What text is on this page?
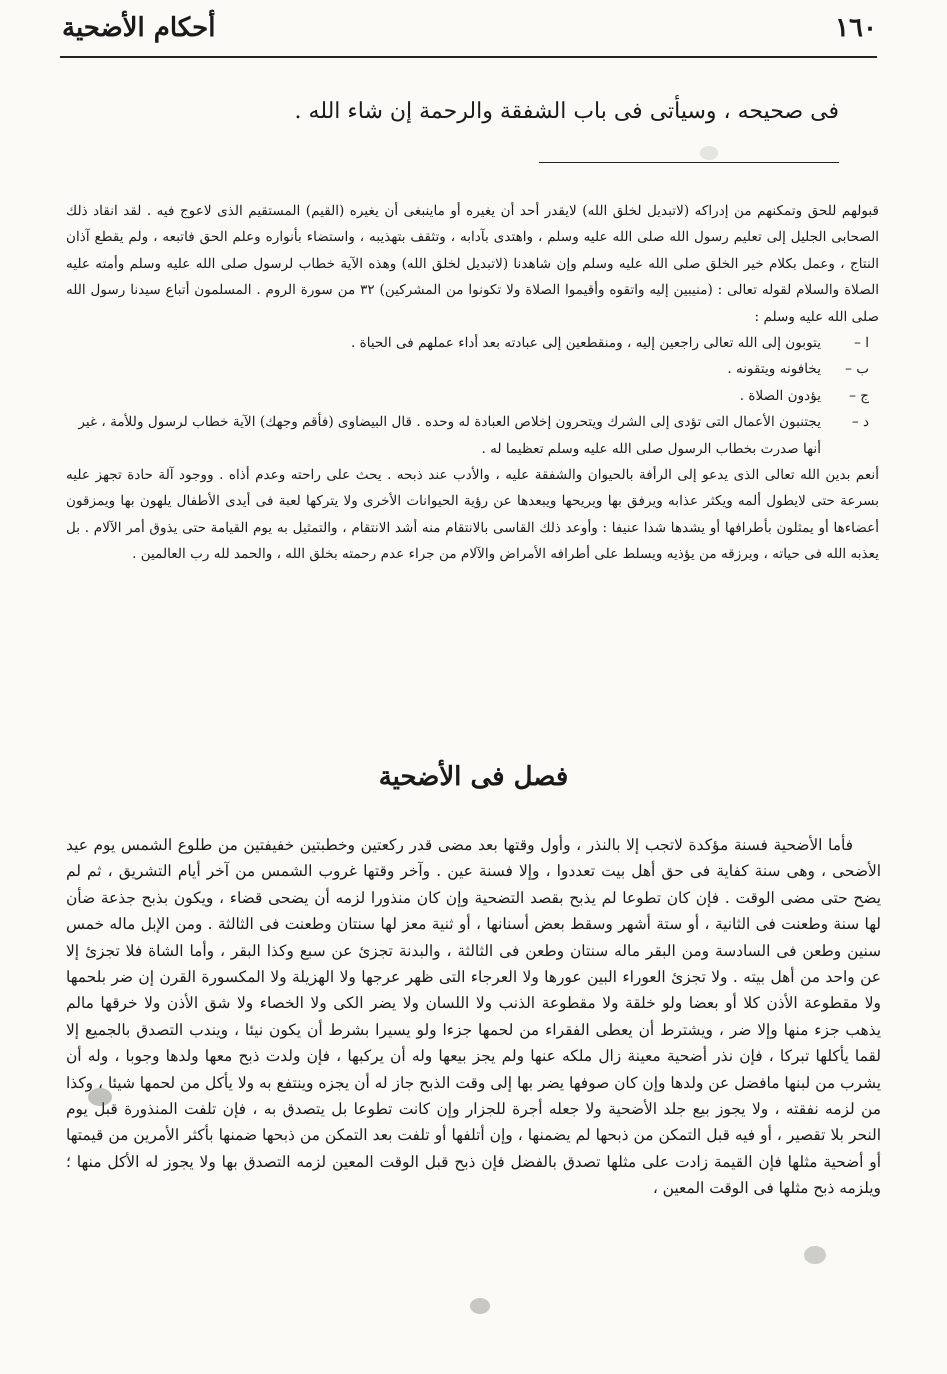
١٦٠
أحكام الأضحية
فى صحيحه ، وسيأتى فى باب الشفقة والرحمة إن شاء الله .

قبولهم للحق وتمكنهم من إدراكه (لاتبديل لخلق الله) لايقدر أحد أن يغيره أو ماينبغى أن يغيره (القيم) المستقيم الذى لاعوج فيه . لقد انقاد ذلك الصحابى الجليل إلى تعليم رسول الله صلى الله عليه وسلم ، واهتدى بآدابه ، وتثقف بتهذيبه ، واستضاء بأنواره وعلم الحق فاتبعه ، ولم يقطع آذان النتاج ، وعمل بكلام خير الخلق صلى الله عليه وسلم وإن شاهدنا (لاتبديل لخلق الله) وهذه الآية خطاب لرسول صلى الله عليه وسلم وأمته عليه الصلاة والسلام لقوله تعالى : (منيبين إليه واتقوه وأقيموا الصلاة ولا تكونوا من المشركين) ٣٢ من سورة الروم . المسلمون أتباع سيدنا رسول الله صلى الله عليه وسلم :

ا –
يتوبون إلى الله تعالى راجعين إليه ، ومنقطعين إلى عبادته بعد أداء عملهم فى الحياة .
ب –
يخافونه ويتقونه .
ج –
يؤدون الصلاة .
د –
يجتنبون الأعمال التى تؤدى إلى الشرك ويتحرون إخلاص العبادة له وحده . قال البيضاوى (فأقم وجهك) الآية خطاب لرسول وللأمة ، غير أنها صدرت بخطاب الرسول صلى الله عليه وسلم تعظيما له .

أنعم بدين الله تعالى الذى يدعو إلى الرأفة بالحيوان والشفقة عليه ، والأدب عند ذبحه . يحث على راحته وعدم أذاه . ووجود آلة حادة تجهز عليه بسرعة حتى لايطول ألمه ويكثر عذابه ويرفق بها ويريحها ويبعدها عن رؤية الحيوانات الأخرى ولا يتركها لعبة فى أيدى الأطفال يلهون بها ويمزقون أعضاءها أو يمثلون بأطرافها أو يشدها شدا عنيفا : وأوعد ذلك القاسى بالانتقام منه أشد الانتقام ، والتمثيل به يوم القيامة حتى يذوق أمر الآلام . بل يعذبه الله فى حياته ، ويرزقه من يؤذيه ويسلط على أطرافه الأمراض والآلام من جراء عدم رحمته بخلق الله ، والحمد لله رب العالمين .

فصل فى الأضحية

فأما الأضحية فسنة مؤكدة لاتجب إلا بالنذر ، وأول وقتها بعد مضى قدر ركعتين وخطبتين خفيفتين من طلوع الشمس يوم عيد الأضحى ، وهى سنة كفاية فى حق أهل بيت تعددوا ، وإلا فسنة عين . وآخر وقتها غروب الشمس من آخر أيام التشريق ، ثم لم يضح حتى مضى الوقت . فإن كان تطوعا لم يذبح بقصد التضحية وإن كان منذورا لزمه أن يضحى قضاء ، ويكون بذبح جذعة ضأن لها سنة وطعنت فى الثانية ، أو ستة أشهر وسقط بعض أسنانها ، أو ثنية معز لها سنتان وطعنت فى الثالثة . ومن الإبل ماله خمس سنين وطعن فى السادسة ومن البقر ماله سنتان وطعن فى الثالثة ، والبدنة تجزئ عن سبع وكذا البقر ، وأما الشاة فلا تجزئ إلا عن واحد من أهل بيته . ولا تجزئ العوراء البين عورها ولا العرجاء التى ظهر عرجها ولا الهزيلة ولا المكسورة القرن إن ضر بلحمها ولا مقطوعة الأذن كلا أو بعضا ولو خلقة ولا مقطوعة الذنب ولا اللسان ولا يضر الكى ولا الخصاء ولا شق الأذن ولا خرقها مالم يذهب جزء منها وإلا ضر ، ويشترط أن يعطى الفقراء من لحمها جزءا ولو يسيرا بشرط أن يكون نيئا ، ويندب التصدق بالجميع إلا لقما يأكلها تبركا ، فإن نذر أضحية معينة زال ملكه عنها ولم يجز بيعها وله أن يركبها ، فإن ولدت ذبح معها ولدها وجوبا ، وله أن يشرب من لبنها مافضل عن ولدها وإن كان صوفها يضر بها إلى وقت الذبح جاز له أن يجزه وينتفع به ولا يأكل من لحمها شيئا ، وكذا من لزمه نفقته ، ولا يجوز بيع جلد الأضحية ولا جعله أجرة للجزار وإن كانت تطوعا بل يتصدق به ، فإن تلفت المنذورة قبل يوم النحر بلا تقصير ، أو فيه قبل التمكن من ذبحها لم يضمنها ، وإن أتلفها أو تلفت بعد التمكن من ذبحها ضمنها بأكثر الأمرين من قيمتها أو أضحية مثلها فإن القيمة زادت على مثلها تصدق بالفضل فإن ذبح قبل الوقت المعين لزمه التصدق بها ولا يجوز له الأكل منها ؛ ويلزمه ذبح مثلها فى الوقت المعين ،
